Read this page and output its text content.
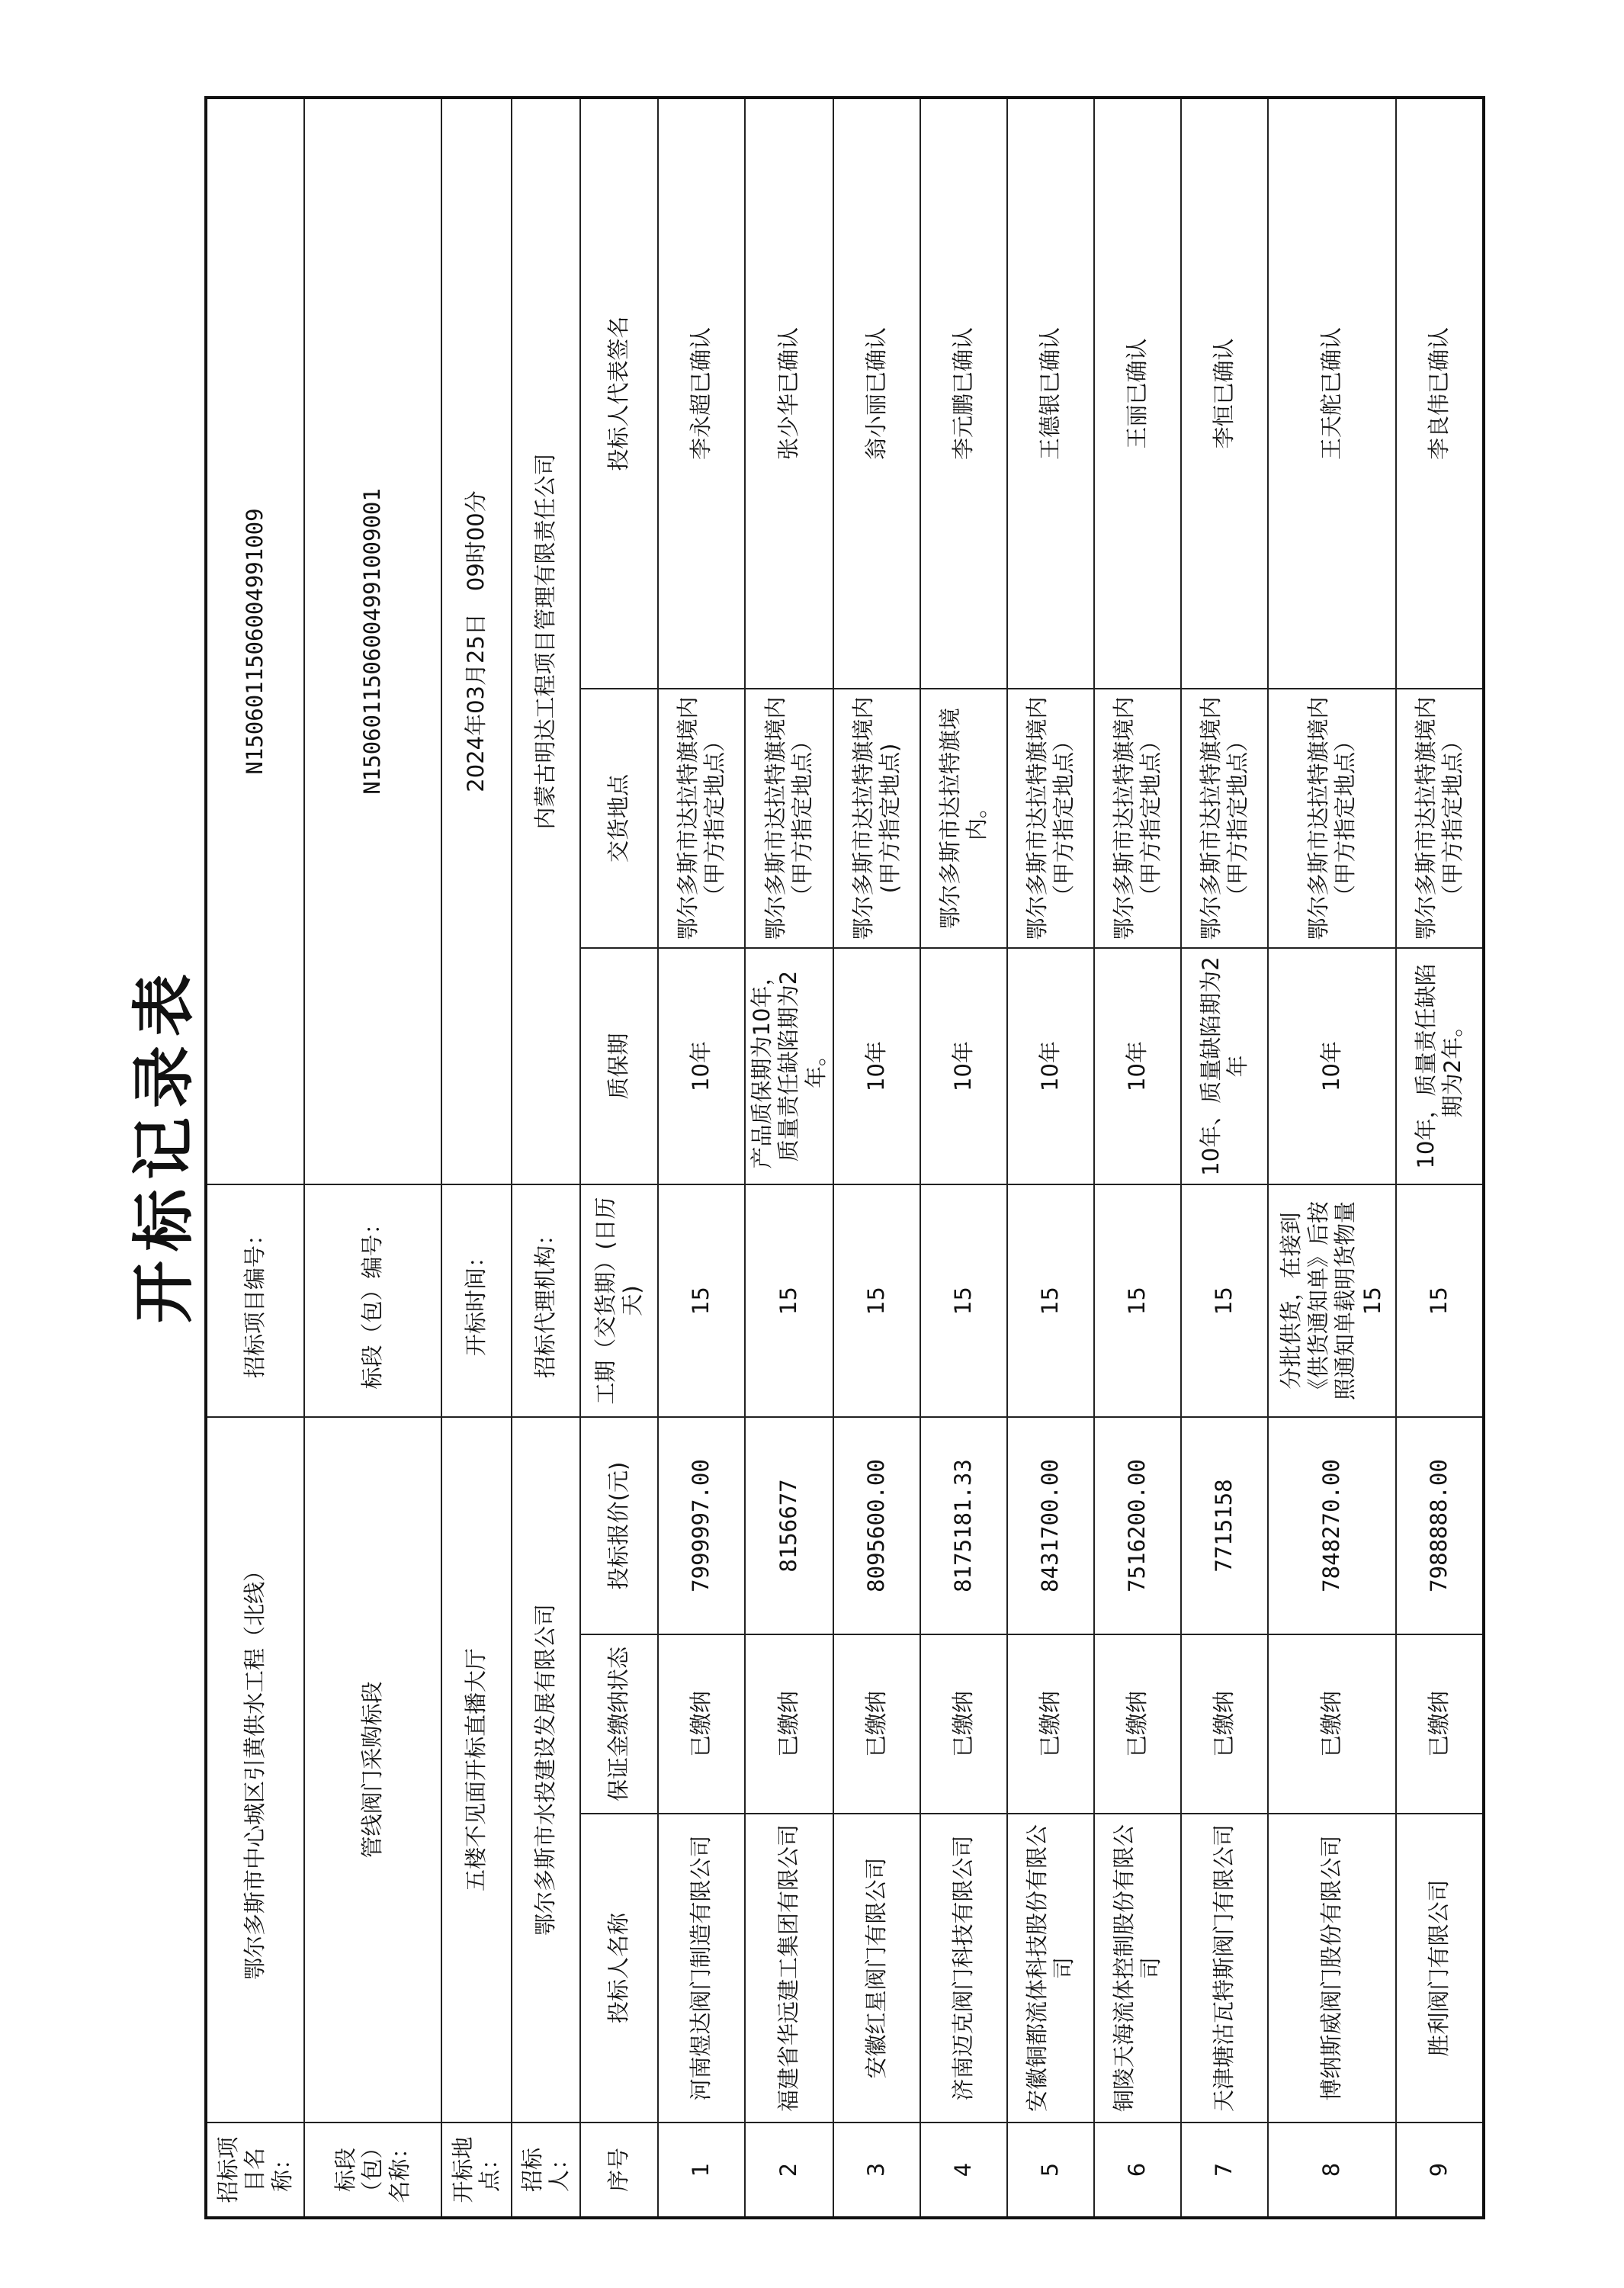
开标记录表
招标项目名称：	鄂尔多斯市中心城区引黄供水工程（北线）			招标项目编号：	N1506011506004991009		
标段（包）名称：	管线阀门采购标段			标段（包）编号：	N1506011506004991009001		
开标地点：	五楼不见面开标直播大厅			开标时间：	2024年03月25日　09时00分		
招标人：	鄂尔多斯市水投建设发展有限公司			招标代理机构：	内蒙古明达工程项目管理有限责任公司		
序号	投标人名称	保证金缴纳状态	投标报价(元)	工期（交货期）(日历天)	质保期	交货地点	投标人代表签名
1	河南煜达阀门制造有限公司	已缴纳	7999997.00	15	10年	鄂尔多斯市达拉特旗境内（甲方指定地点）	李永超已确认
2	福建省华远建工集团有限公司	已缴纳	8156677	15	产品质保期为10年，质量责任缺陷期为2年。	鄂尔多斯市达拉特旗境内（甲方指定地点）	张少华已确认
3	安徽红星阀门有限公司	已缴纳	8095600.00	15	10年	鄂尔多斯市达拉特旗境内(甲方指定地点)	翁小丽已确认
4	济南迈克阀门科技有限公司	已缴纳	8175181.33	15	10年	鄂尔多斯市达拉特旗境内。	李元鹏已确认
5	安徽铜都流体科技股份有限公司	已缴纳	8431700.00	15	10年	鄂尔多斯市达拉特旗境内（甲方指定地点）	王德银已确认
6	铜陵天海流体控制股份有限公司	已缴纳	7516200.00	15	10年	鄂尔多斯市达拉特旗境内（甲方指定地点）	王丽已确认
7	天津塘沽瓦特斯阀门有限公司	已缴纳	7715158	15	10年、质量缺陷期为2年	鄂尔多斯市达拉特旗境内（甲方指定地点）	李恒已确认
8	博纳斯威阀门股份有限公司	已缴纳	7848270.00	分批供货，在接到《供货通知单》后按照通知单载明货物量 15	10年	鄂尔多斯市达拉特旗境内（甲方指定地点）	王天舵已确认
9	胜利阀门有限公司	已缴纳	7988888.00	15	10年，质量责任缺陷期为2年。	鄂尔多斯市达拉特旗境内（甲方指定地点）	李良伟已确认
